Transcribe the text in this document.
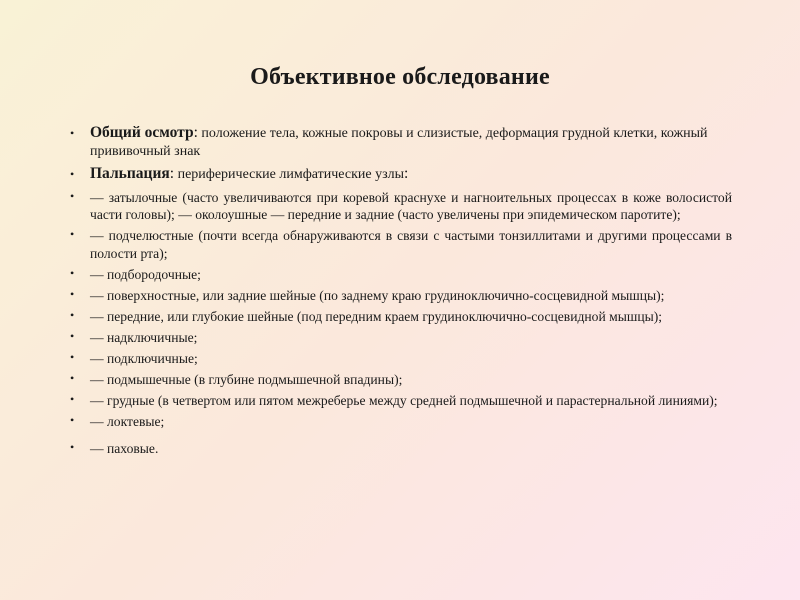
Объективное обследование
• Общий осмотр: положение тела, кожные покровы и слизистые, деформация грудной клетки, кожный прививочный знак
• Пальпация: периферические лимфатические узлы:
• — затылочные (часто увеличиваются при коревой краснухе и нагноительных процессах в коже волосистой части головы); — околоушные — передние и задние (часто увеличены при эпидемическом паротите);
• — подчелюстные (почти всегда обнаруживаются в связи с частыми тонзиллитами и другими процессами в полости рта);
• — подбородочные;
• — поверхностные, или задние шейные (по заднему краю грудиноключично-сосцевидной мышцы);
• — передние, или глубокие шейные (под передним краем грудиноключично-сосцевидной мышцы);
• — надключичные;
• — подключичные;
• — подмышечные (в глубине подмышечной впадины);
• — грудные (в четвертом или пятом межреберье между средней подмышечной и парастернальной линиями);
• — локтевые;
• — паховые.
